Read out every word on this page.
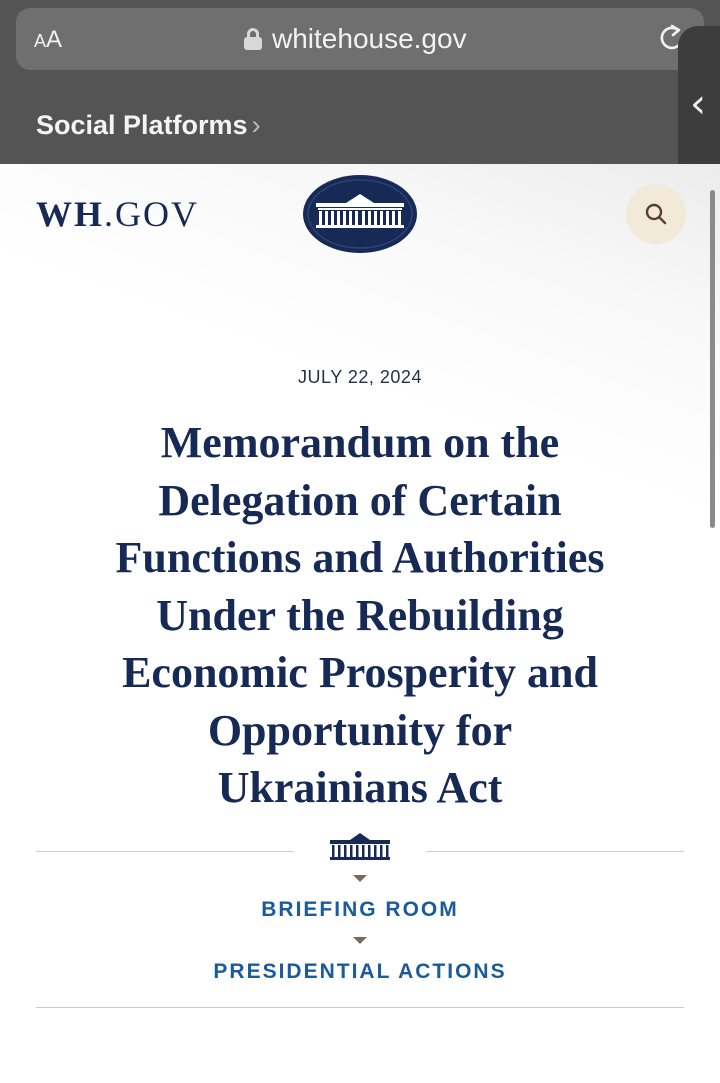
AA	whitehouse.gov
‹
Social Platforms ›
WH.GOV
JULY 22, 2024
Memorandum on the
Delegation of Certain
Functions and Authorities
Under the Rebuilding
Economic Prosperity and
Opportunity for
Ukrainians Act
BRIEFING ROOM
PRESIDENTIAL ACTIONS
